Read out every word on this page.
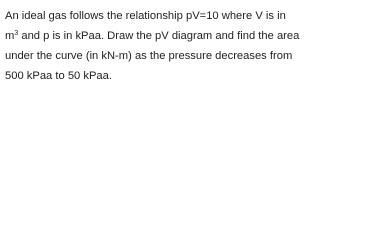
An ideal gas follows the relationship pV=10 where V is in
$m^3$ and p is in kPaa. Draw the pV diagram and find the area
under the curve (in kN-m) as the pressure decreases from
500 kPaa to 50 kPaa.
